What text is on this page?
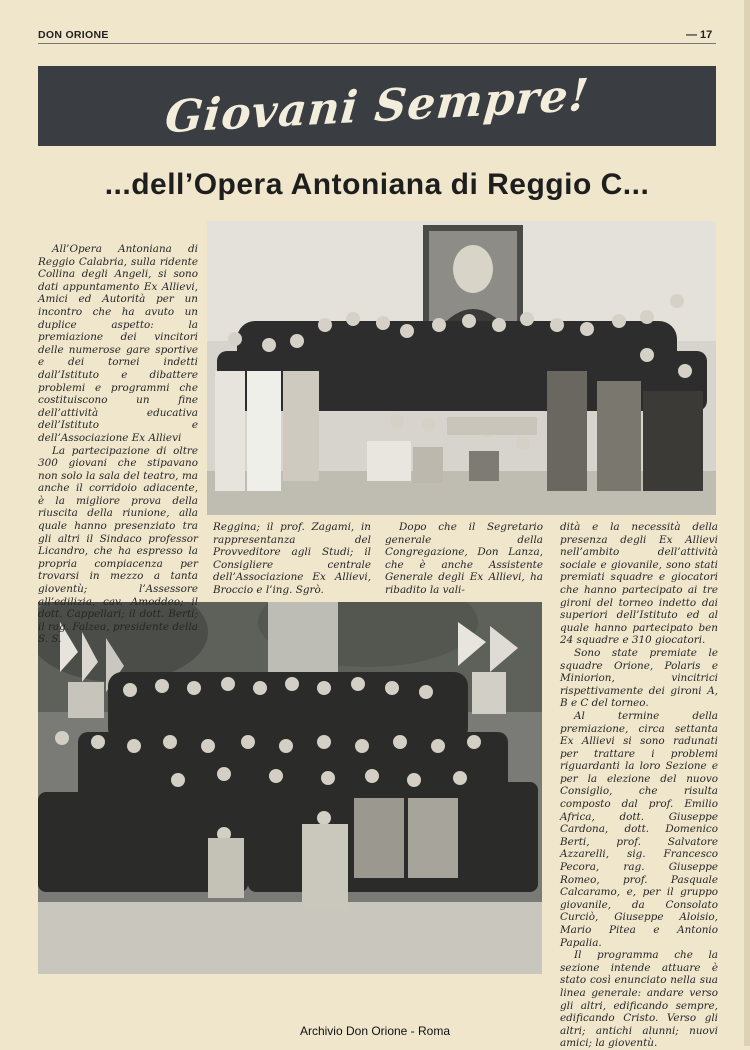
DON ORIONE	— 17
Giovani Sempre!
...dell’Opera Antoniana di Reggio C...

All’Opera Antoniana di Reggio Calabria, sulla ridente Collina degli Angeli, si sono dati appuntamento Ex Allievi, Amici ed Autorità per un incontro che ha avuto un duplice aspetto: la premiazione dei vincitori delle numerose gare sportive e dei tornei indetti dall’Istituto e dibattere problemi e programmi che costituiscono un fine dell’attività educativa dell’Istituto e dell’Associazione Ex Allievi

La partecipazione di oltre 300 giovani che stipavano non solo la sala del teatro, ma anche il corridoio adiacente, è la migliore prova della riuscita della riunione, alla quale hanno presenziato tra gli altri il Sindaco professor Licandro, che ha espresso la propria compiacenza per trovarsi in mezzo a tanta gioventù; l’Assessore all’edilizia, cav. Amoddeo; il dott. Cappellari; il dott. Berti; il rag. Falzea, presidente della S. S.

Reggina; il prof. Zagami, in rappresentanza del Provveditore agli Studi; il Consigliere centrale dell’Associazione Ex Allievi, Broccio e l’ing. Sgrò.

Dopo che il Segretario generale della Congregazione, Don Lanza, che è anche Assistente Generale degli Ex Allievi, ha ribadito la vali-

dità e la necessità della presenza degli Ex Allievi nell’ambito dell’attività sociale e giovanile, sono stati premiati squadre e giocatori che hanno partecipato ai tre gironi del torneo indetto dai superiori dell’Istituto ed al quale hanno partecipato ben 24 squadre e 310 giocatori.

Sono state premiate le squadre Orione, Polaris e Miniorion, vincitrici rispettivamente dei gironi A, B e C del torneo.

Al termine della premiazione, circa settanta Ex Allievi si sono radunati per trattare i problemi riguardanti la loro Sezione e per la elezione del nuovo Consiglio, che risulta composto dal prof. Emilio Africa, dott. Giuseppe Cardona, dott. Domenico Berti, prof. Salvatore Azzarelli, sig. Francesco Pecora, rag. Giuseppe Romeo, prof. Pasquale Calcaramo, e, per il gruppo giovanile, da Consolato Curciò, Giuseppe Aloisio, Mario Pitea e Antonio Papalia.

Il programma che la sezione intende attuare è stato così enunciato nella sua linea generale: andare verso gli altri, edificando sempre, edificando Cristo. Verso gli altri; antichi alunni; nuovi amici; la gioventù.

Archivio Don Orione - Roma
